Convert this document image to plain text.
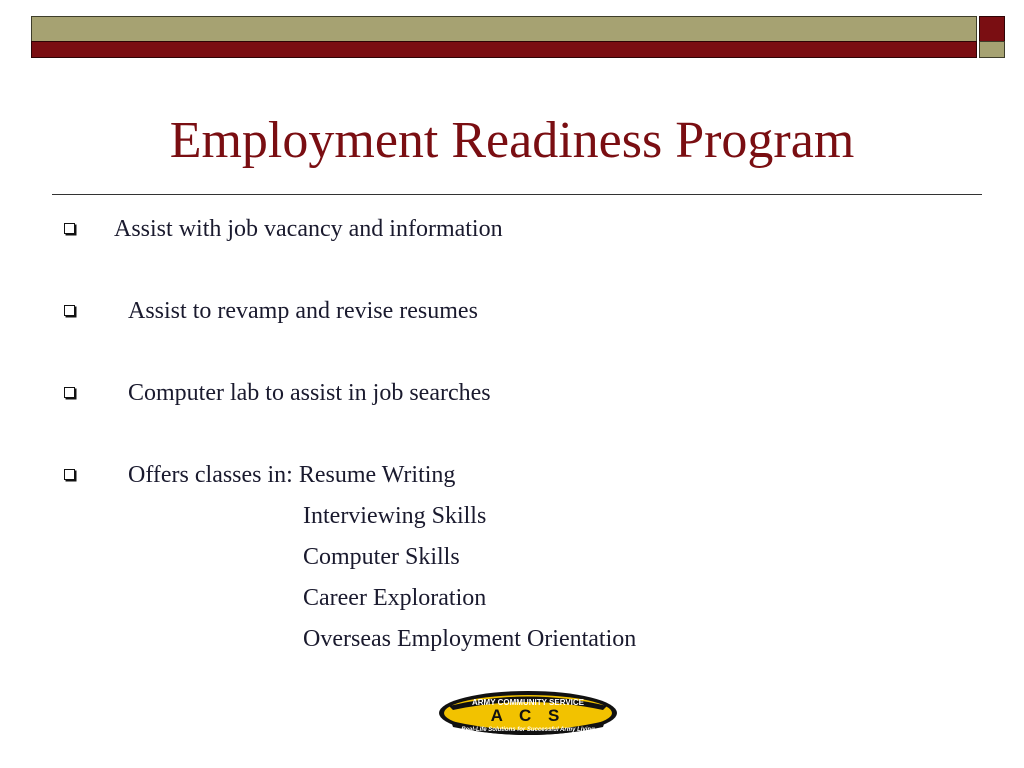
Employment Readiness Program
Assist with job vacancy and information
Assist to revamp and revise resumes
Computer lab to assist in job searches
Offers classes in: Resume Writing
Interviewing Skills
Computer Skills
Career Exploration
Overseas Employment Orientation
ARMY COMMUNITY SERVICE
A C S
Real-Life Solutions for Successful Army Living
